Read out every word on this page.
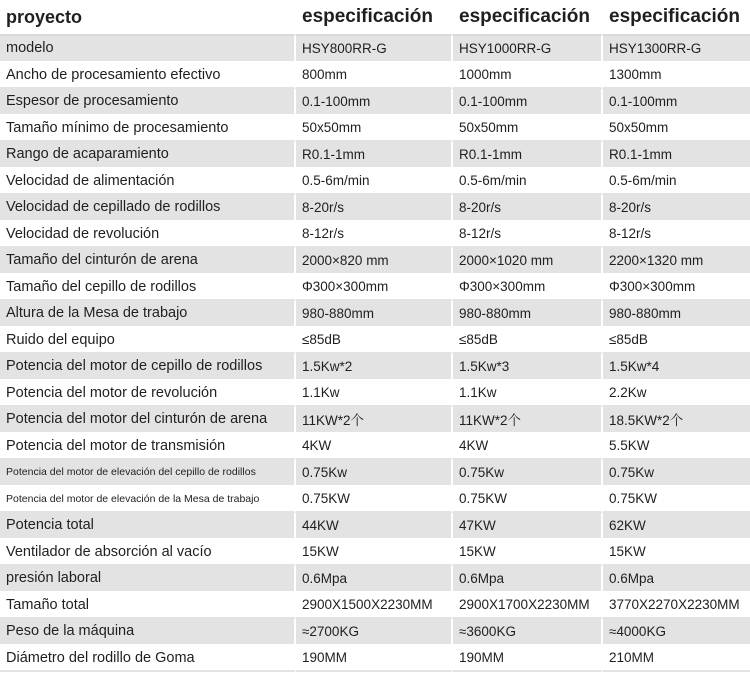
proyecto	especificación	especificación	especificación
modelo	HSY800RR-G	HSY1000RR-G	HSY1300RR-G
Ancho de procesamiento efectivo	800mm	1000mm	1300mm
Espesor de procesamiento	0.1-100mm	0.1-100mm	0.1-100mm
Tamaño mínimo de procesamiento	50x50mm	50x50mm	50x50mm
Rango de acaparamiento	R0.1-1mm	R0.1-1mm	R0.1-1mm
Velocidad de alimentación	0.5-6m/min	0.5-6m/min	0.5-6m/min
Velocidad de cepillado de rodillos	8-20r/s	8-20r/s	8-20r/s
Velocidad de revolución	8-12r/s	8-12r/s	8-12r/s
Tamaño del cinturón de arena	2000×820 mm	2000×1020 mm	2200×1320 mm
Tamaño del cepillo de rodillos	Φ300×300mm	Φ300×300mm	Φ300×300mm
Altura de la Mesa de trabajo	980-880mm	980-880mm	980-880mm
Ruido del equipo	≤85dB	≤85dB	≤85dB
Potencia del motor de cepillo de rodillos	1.5Kw*2	1.5Kw*3	1.5Kw*4
Potencia del motor de revolución	1.1Kw	1.1Kw	2.2Kw
Potencia del motor del cinturón de arena	11KW*2个	11KW*2个	18.5KW*2个
Potencia del motor de transmisión	4KW	4KW	5.5KW
Potencia del motor de elevación del cepillo de rodillos	0.75Kw	0.75Kw	0.75Kw
Potencia del motor de elevación de la Mesa de trabajo	0.75KW	0.75KW	0.75KW
Potencia total	44KW	47KW	62KW
Ventilador de absorción al vacío	15KW	15KW	15KW
presión laboral	0.6Mpa	0.6Mpa	0.6Mpa
Tamaño total	2900X1500X2230MM	2900X1700X2230MM	3770X2270X2230MM
Peso de la máquina	≈2700KG	≈3600KG	≈4000KG
Diámetro del rodillo de Goma	190MM	190MM	210MM
